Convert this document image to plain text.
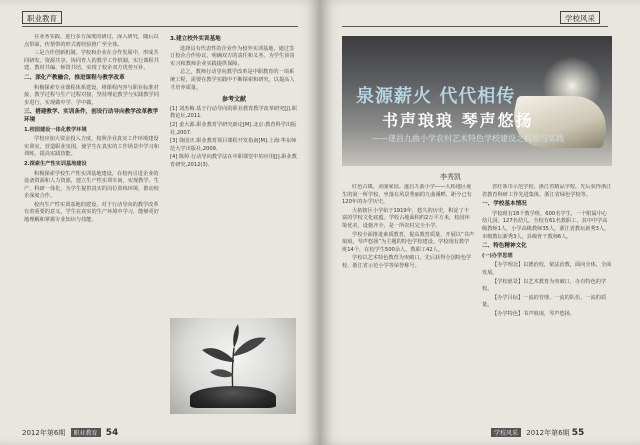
职业教育

在业务实践、进行多方深度的研讨，深入研究，随后以点带面，传帮带的形式将经验推广至全体。

三是合作创新机制。学校和企业在合作发展中，形成共同研发、资源共享、协同育人的教学工作机制，实行课程共建、教材共编、师资共培，实现了校企双方优势互补。

二、深化产教融合，推进课程与教学改革

积极探索专业课程体系建设，将课程内容与职业标准对接，教学过程与生产过程对接，坚持理论教学与实践教学同步进行，实现做中学、学中做。

三、搭建教学、实训条件，创设行动导向教学改革教学环境

1.校园建设一体化教学环境

学校应加大资金投入力度，按照企业真实工作环境建设实训室，营造职业氛围，使学生在真实的工作场景中学习和训练，提高实践技能。

2.探索生产性实训基地建设

积极探索学校生产性实训基地建设，在校内引进企业的设备资源和人力资源，建立生产性实训车间，实现教学、生产、科研一体化，为学生提供真实的岗位训练环境，推动校企深度合作。

校内生产性实训基地的建设，对于行动导向的教学改革有着重要的意义，学生在真实的生产环境中学习，能够更好地理解和掌握专业知识与技能。

3.建立校外实训基地

选择具有代表性的企业作为校外实训基地，通过签订校企合作协议，明确双方的责任和义务，为学生顶岗实习和教师企业实践提供保障。

总之，教师行动导向教学改革是中职教育的一项系统工程，需要在教学实践中不断探索和研究，以提高人才培养质量。

参考文献

[1] 刘杰梅.基于行动导向的职业教育教学改革研究[J].职教论坛,2011.

[2] 姜大源.职业教育学研究新论[M].北京:教育科学出版社,2007.

[3] 徐国庆.职业教育项目课程开发指南[M].上海:华东师范大学出版社,2009.

[4] 陈婷.行动导向教学法在中职课堂中的应用[J].职业教育研究,2012(3).

2012年第6期 职业教育 54
学校风采
泉源薪火 代代相传
书声琅琅 琴声悠扬
——遂昌九曲小学农村艺术特色学校建设之构思与实践
李秀凯

红色古镇，美丽家园。遂昌九曲小学——大柘地区诞生的第一所学校，坐落在风景秀丽的九曲溪畔，距今已有120年的办学历史。

大柘辖区小学始于1919年，悠久的历史，积淀了丰富的学校文化底蕴。学校占地面积约2万平方米，校园环境优美，设施齐全，是一所农村完全小学。

学校全面推进素质教育，提高教育质量，开展以“书声琅琅，琴声悠扬”为主题的特色学校建设。学校现有教学班14个，在校学生500余人，教职工42人。

学校以艺术特色教育为突破口，先后获得全国特色学校、浙江省示范小学等荣誉称号。

省红领巾示范学校，浙江省精品学校。先后获得浙江省教育科研工作先进集体，浙江省绿色学校等。

一、学校基本情况

学校现有18个教学班，600名学生，一个附属中心幼儿园，127名幼儿。全校有61名教职工，其中中学高级教师1人，小学高级教师35人，浙江省教坛新秀3人，市级教坛新秀3人，县级骨干教师6人。

二、特色精神文化

(一)办学思想

【办学理念】以德治校，依法治教，面向全体，全面发展。

【学校愿景】以艺术教育为突破口，办有特色的学校。

【办学目标】一流的管理、一流的队伍、一流的质量。

【办学特色】书声琅琅，琴声悠扬。

学校风采 2012年第6期 55
